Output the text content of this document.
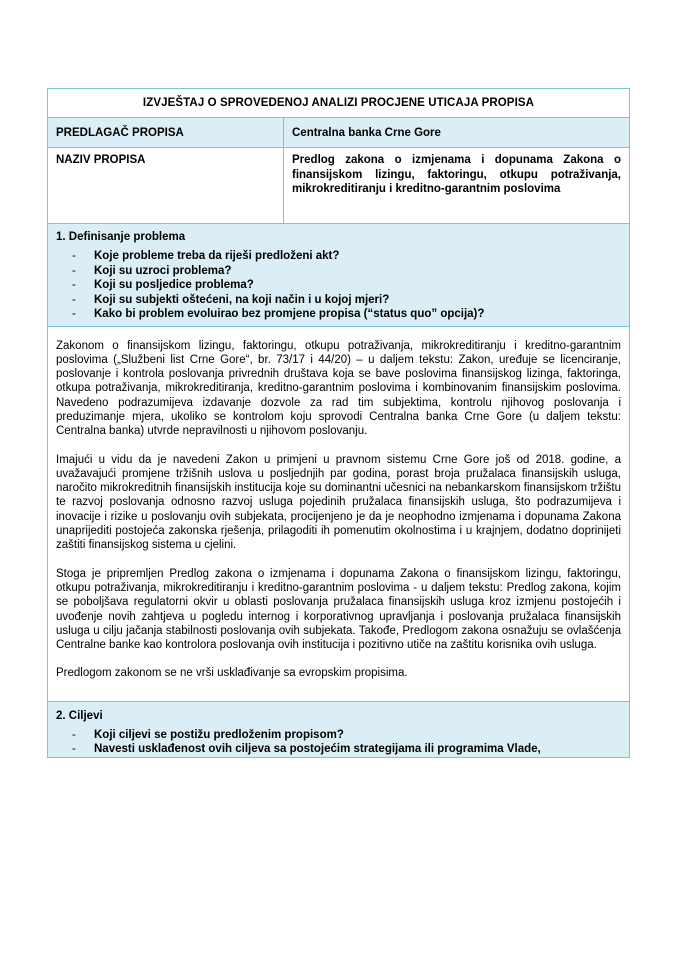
IZVJEŠTAJ O SPROVEDENOJ ANALIZI PROCJENE UTICAJA PROPISA
PREDLAGAČ PROPISA	Centralna banka Crne Gore
NAZIV PROPISA	Predlog zakona o izmjenama i dopunama Zakona o finansijskom lizingu, faktoringu, otkupu potraživanja, mikrokreditiranju i kreditno-garantnim poslovima
1. Definisanje problema
-	Koje probleme treba da riješi predloženi akt?
-	Koji su uzroci problema?
-	Koji su posljedice problema?
-	Koji su subjekti oštećeni, na koji način i u kojoj mjeri?
-	Kako bi problem evoluirao bez promjene propisa (“status quo” opcija)?

Zakonom o finansijskom lizingu, faktoringu, otkupu potraživanja, mikrokreditiranju i kreditno-garantnim poslovima („Službeni list Crne Gore“, br. 73/17 i 44/20) – u daljem tekstu: Zakon, uređuje se licenciranje, poslovanje i kontrola poslovanja privrednih društava koja se bave poslovima finansijskog lizinga, faktoringa, otkupa potraživanja, mikrokreditiranja, kreditno-garantnim poslovima i kombinovanim finansijskim poslovima. Navedeno podrazumijeva izdavanje dozvole za rad tim subjektima, kontrolu njihovog poslovanja i preduzimanje mjera, ukoliko se kontrolom koju sprovodi Centralna banka Crne Gore (u daljem tekstu: Centralna banka) utvrde nepravilnosti u njihovom poslovanju.

Imajući u vidu da je navedeni Zakon u primjeni u pravnom sistemu Crne Gore još od 2018. godine, a uvažavajući promjene tržišnih uslova u posljednjih par godina, porast broja pružalaca finansijskih usluga, naročito mikrokreditnih finansijskih institucija koje su dominantni učesnici na nebankarskom finansijskom tržištu te razvoj poslovanja odnosno razvoj usluga pojedinih pružalaca finansijskih usluga, što podrazumijeva i inovacije i rizike u poslovanju ovih subjekata, procijenjeno je da je neophodno izmjenama i dopunama Zakona unaprijediti postojeća zakonska rješenja, prilagoditi ih pomenutim okolnostima i u krajnjem, dodatno doprinijeti zaštiti finansijskog sistema u cjelini.

Stoga je pripremljen Predlog zakona o izmjenama i dopunama Zakona o finansijskom lizingu, faktoringu, otkupu potraživanja, mikrokreditiranju i kreditno-garantnim poslovima - u daljem tekstu: Predlog zakona, kojim se poboljšava regulatorni okvir u oblasti poslovanja pružalaca finansijskih usluga kroz izmjenu postojećih i uvođenje novih zahtjeva u pogledu internog i korporativnog upravljanja i poslovanja pružalaca finansijskih usluga u cilju jačanja stabilnosti poslovanja ovih subjekata. Takođe, Predlogom zakona osnažuju se ovlašćenja Centralne banke kao kontrolora poslovanja ovih institucija i pozitivno utiče na zaštitu korisnika ovih usluga.

Predlogom zakonom se ne vrši usklađivanje sa evropskim propisima.

2. Ciljevi
-	Koji ciljevi se postižu predloženim propisom?
-	Navesti usklađenost ovih ciljeva sa postojećim strategijama ili programima Vlade,
